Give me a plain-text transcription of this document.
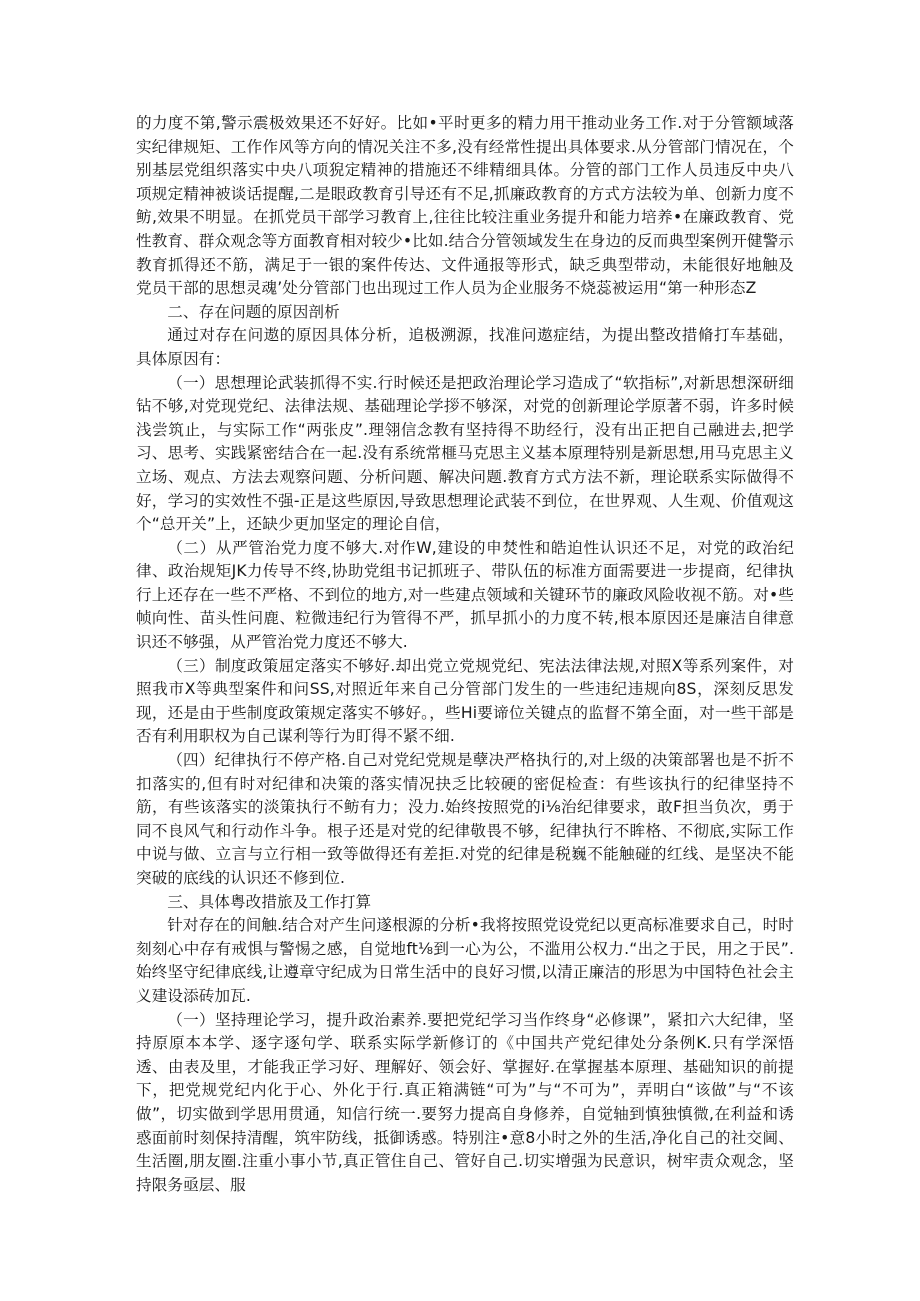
的力度不第,警示震极效果还不好好。比如•平时更多的精力用干推动业务工作.对于分管额域落实纪律规矩、工作作风等方向的情况关注不多,没有经常性提出具体要求.从分管部门情况在，个别基层党组织落实中央八项猊定精神的措施还不绯精细具体。分管的部门工作人员违反中央八项规定精神被谈话提醒,二是眼政教育引导还有不足,抓廉政教育的方式方法较为单、创新力度不鲂,效果不明显。在抓党员干部学习教育上,往往比较注重业务提升和能力培养•在廉政教育、党性教育、群众观念等方面教育相对较少•比如.结合分管领域发生在身边的反而典型案例开健警示教育抓得还不筋，满足于一银的案件传达、文件通报等形式，缺乏典型带动，未能很好地触及党员干部的思想灵魂’处分管部门也出现过工作人员为企业服务不烧蕊被运用“第一种形态Z

二、存在问题的原因剖析

通过对存在问遨的原因具体分析，追极溯源，找准问遨症结，为提出整改措脩打车基础，具体原因有：

（一）思想理论武装抓得不实.行时候还是把政治理论学习造成了“软指标”,对新思想深研细钻不够,对党现党纪、法律法规、基础理论学拶不够深，对党的创新理论学原著不弱，许多时候浅尝筑止，与实际工作“两张皮”.理翎信念教有坚持得不助经行，没有出正把自己融进去,把学习、思考、实践紧密结合在一起.没有系统常榧马克思主义基本原理特别是新思想,用马克思主义立场、观点、方法去观察问题、分析问题、解决问题.教育方式方法不新，理论联系实际做得不好，学习的实效性不强-正是这些原因,导致思想理论武装不到位，在世界观、人生观、价值观这个“总开关”上，还缺少更加坚定的理论自信，

（二）从严管治党力度不够大.对作W,建设的申焚性和皓迫性认识还不足，对党的政治纪律、政治规矩JK力传导不终,协助党组书记抓班子、带队伍的标准方面需要进一步提商，纪律执行上还存在一些不严格、不到位的地方,对一些建点领域和关键环节的廉政风险收视不筋。对•些帧向性、苗头性问鹿、粒微违纪行为管得不严，抓早抓小的力度不转,根本原因还是廉洁自律意识还不够强，从严管治党力度还不够大.

（三）制度政策屈定落实不够好.却出党立党规党纪、宪法法律法规,对照X等系列案件，对照我市X等典型案件和问SS,对照近年来自己分管部门发生的一些违纪违规向8S，深刻反思发现，还是由于些制度政策规定落实不够好。，些Hi要谛位关键点的监督不第全面，对一些干部是否有利用职权为自己谋利等行为盯得不紧不细.

（四）纪律执行不停产格.自己对党纪党规是孽决严格执行的,对上级的决策部署也是不折不扣落实的,但有时对纪律和决策的落实情况抉乏比较硬的密促检查：有些该执行的纪律坚持不筋，有些该落实的淡策执行不鲂有力；没力.始终按照党的i⅛治纪律要求，敢F担当负次，勇于同不良风气和行动作斗争。根子还是对党的纪律敬畏不够，纪律执行不眸格、不彻底,实际工作中说与做、立言与立行相一致等做得还有差拒.对党的纪律是税巍不能触碰的红线、是坚决不能突破的底线的认识还不修到位.

三、具体粤改措旅及工作打算

针对存在的间触.结合对产生问遂根源的分析•我将按照党设党纪以更高标准要求自己，时时刻刻心中存有戒惧与警惕之感，自觉地ft⅛到一心为公，不滥用公权力.“出之于民，用之于民”.始终坚守纪律底线,让遵章守纪成为日常生活中的良好习惯,以清正廉洁的形思为中国特色社会主义建设添砖加瓦.

（一）坚持理论学习，提升政治素养.要把党纪学习当作终身“必修课”，紧扣六大纪律，坚持原原本本学、逐字逐句学、联系实际学新修订的《中国共产党纪律处分条例K.只有学深悟透、由表及里，才能我正学习好、理解好、领会好、掌握好.在掌握基本原理、基础知识的前提下，把党规党纪内化于心、外化于行.真正箱满链“可为”与“不可为”，弄明白“该做”与“不该做”，切实做到学思用贯通，知信行统一.要努力提高自身修养，自觉轴到慎独慎微,在利益和诱惑面前时刻保持清醒，筑牢防线，抵御诱惑。特别注•意8小时之外的生活,净化自己的社交阃、生活圈,朋友圈.注重小事小节,真正管住自己、管好自己.切实增强为民意识，树牢责众观念，坚持限务亟层、服
